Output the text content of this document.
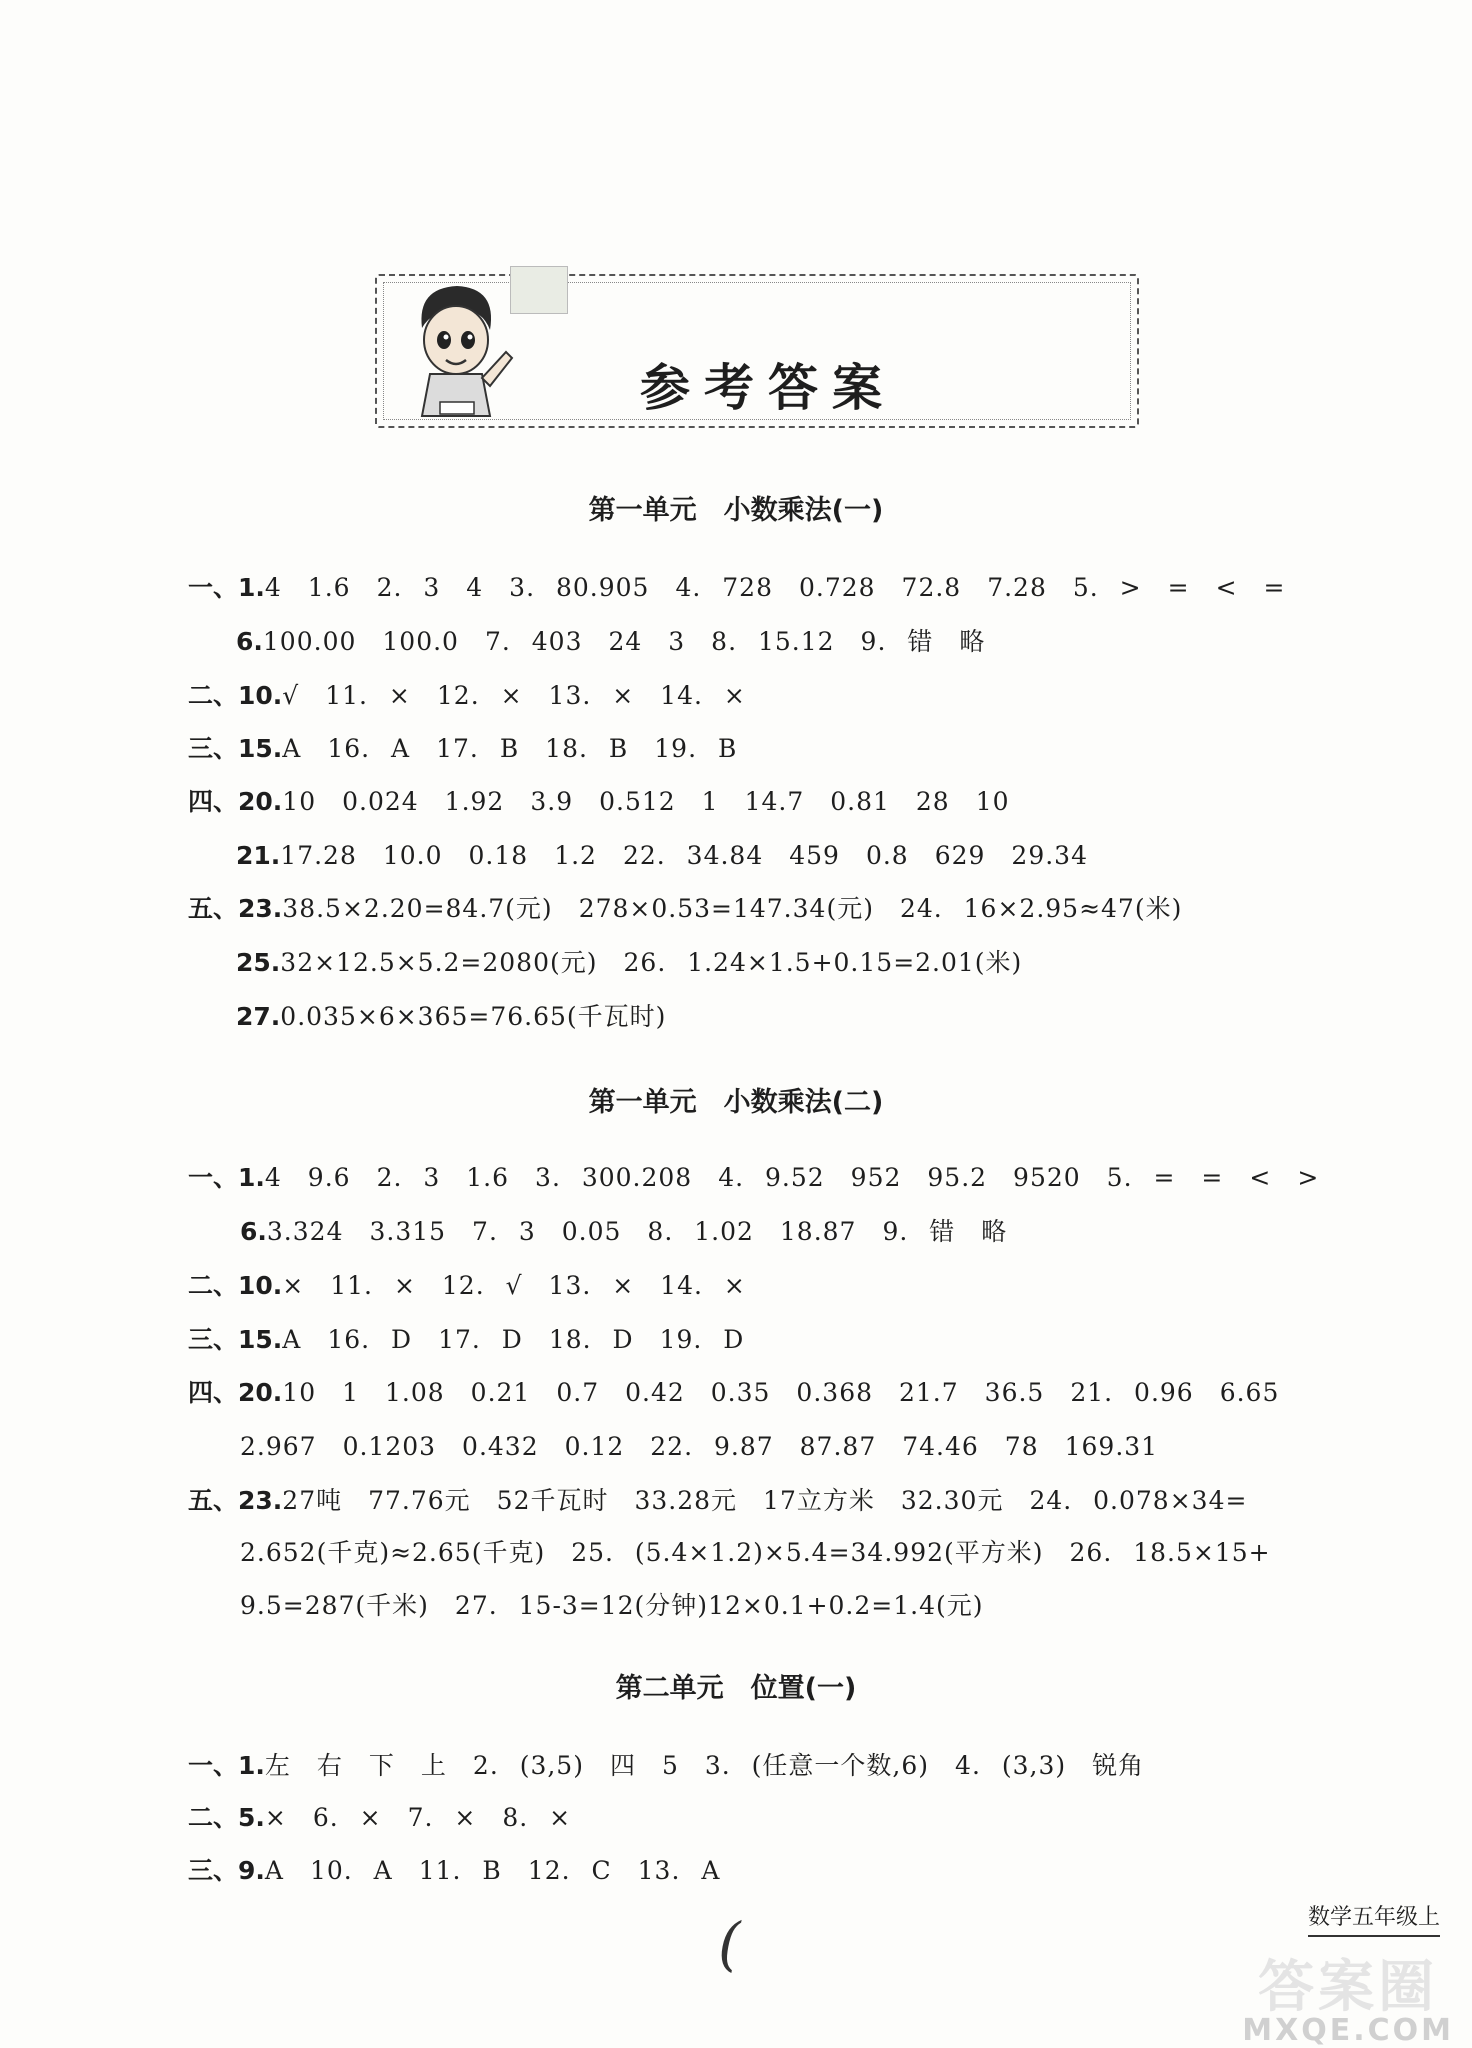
参考答案
第一单元　小数乘法(一)
一、1. 4　1.6　2. 3　4　3. 80.905　4. 728　0.728　72.8　7.28　5. >　=　<　=
6. 100.00　100.0　7. 403　24　3　8. 15.12　9. 错　略
二、10. √　11. ×　12. ×　13. ×　14. ×
三、15. A　16. A　17. B　18. B　19. B
四、20. 10　0.024　1.92　3.9　0.512　1　14.7　0.81　28　10
21. 17.28　10.0　0.18　1.2　22. 34.84　459　0.8　629　29.34
五、23. 38.5×2.20=84.7(元)　278×0.53=147.34(元)　24. 16×2.95≈47(米)
25. 32×12.5×5.2=2080(元)　26. 1.24×1.5+0.15=2.01(米)
27. 0.035×6×365=76.65(千瓦时)
第一单元　小数乘法(二)
一、1. 4　9.6　2. 3　1.6　3. 300.208　4. 9.52　952　95.2　9520　5. =　=　<　>
6. 3.324　3.315　7. 3　0.05　8. 1.02　18.87　9. 错　略
二、10. ×　11. ×　12. √　13. ×　14. ×
三、15. A　16. D　17. D　18. D　19. D
四、20. 10　1　1.08　0.21　0.7　0.42　0.35　0.368　21.7　36.5　21. 0.96　6.65
2.967　0.1203　0.432　0.12　22. 9.87　87.87　74.46　78　169.31
五、23. 27吨　77.76元　52千瓦时　33.28元　17立方米　32.30元　24. 0.078×34=
2.652(千克)≈2.65(千克)　25. (5.4×1.2)×5.4=34.992(平方米)　26. 18.5×15+
9.5=287(千米)　27. 15-3=12(分钟)12×0.1+0.2=1.4(元)
第二单元　位置(一)
一、1. 左　右　下　上　2. (3,5)　四　5　3. (任意一个数,6)　4. (3,3)　锐角
二、5. ×　6. ×　7. ×　8. ×
三、9. A　10. A　11. B　12. C　13. A
(	数学五年级上
答案圈
MXQE.COM
